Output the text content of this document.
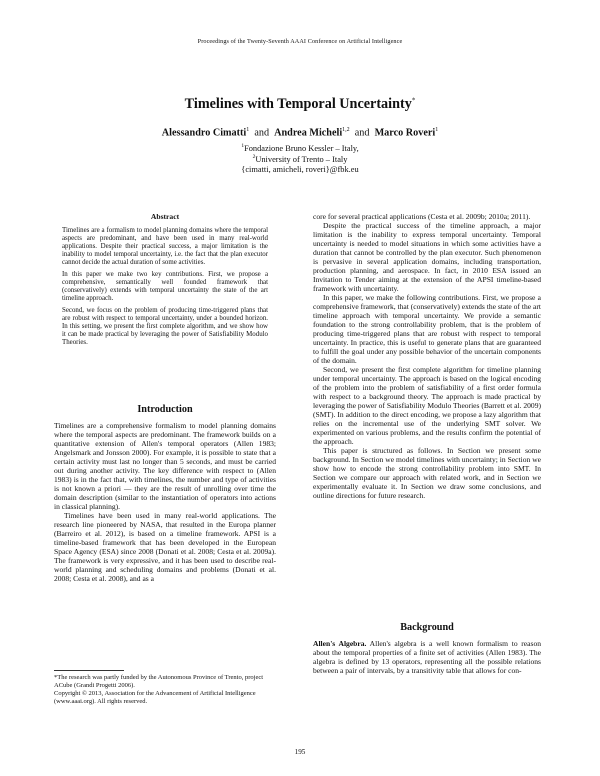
Proceedings of the Twenty-Seventh AAAI Conference on Artificial Intelligence
Timelines with Temporal Uncertainty*
Alessandro Cimatti$^1$ and Andrea Micheli$^{1,2}$ and Marco Roveri$^1$
$^1$Fondazione Bruno Kessler – Italy,
$^2$University of Trento – Italy
{cimatti, amicheli, roveri}@fbk.eu
Abstract

Timelines are a formalism to model planning domains where the temporal aspects are predominant, and have been used in many real-world applications. Despite their practical success, a major limitation is the inability to model temporal uncertainty, i.e. the fact that the plan executor cannot decide the actual duration of some activities.

In this paper we make two key contributions. First, we propose a comprehensive, semantically well founded framework that (conservatively) extends with temporal uncertainty the state of the art timeline approach.

Second, we focus on the problem of producing time-triggered plans that are robust with respect to temporal uncertainty, under a bounded horizon. In this setting, we present the first complete algorithm, and we show how it can be made practical by leveraging the power of Satisfiability Modulo Theories.

Introduction

Timelines are a comprehensive formalism to model planning domains where the temporal aspects are predominant. The framework builds on a quantitative extension of Allen's temporal operators (Allen 1983; Angelsmark and Jonsson 2000). For example, it is possible to state that a certain activity must last no longer than 5 seconds, and must be carried out during another activity. The key difference with respect to (Allen 1983) is in the fact that, with timelines, the number and type of activities is not known a priori — they are the result of unrolling over time the domain description (similar to the instantiation of operators into actions in classical planning).

Timelines have been used in many real-world applications. The research line pioneered by NASA, that resulted in the Europa planner (Barreiro et al. 2012), is based on a timeline framework. APSI is a timeline-based framework that has been developed in the European Space Agency (ESA) since 2008 (Donati et al. 2008; Cesta et al. 2009a). The framework is very expressive, and it has been used to describe real-world planning and scheduling domains and problems (Donati et al. 2008; Cesta et al. 2008), and as a

*The research was partly funded by the Autonomous Province of Trento, project ACube (Grandi Progetti 2006).
Copyright © 2013, Association for the Advancement of Artificial Intelligence (www.aaai.org). All rights reserved.

core for several practical applications (Cesta et al. 2009b; 2010a; 2011).

Despite the practical success of the timeline approach, a major limitation is the inability to express temporal uncertainty. Temporal uncertainty is needed to model situations in which some activities have a duration that cannot be controlled by the plan executor. Such phenomenon is pervasive in several application domains, including transportation, production planning, and aerospace. In fact, in 2010 ESA issued an Invitation to Tender aiming at the extension of the APSI timeline-based framework with uncertainty.

In this paper, we make the following contributions. First, we propose a comprehensive framework, that (conservatively) extends the state of the art timeline approach with temporal uncertainty. We provide a semantic foundation to the strong controllability problem, that is the problem of producing time-triggered plans that are robust with respect to temporal uncertainty. In practice, this is useful to generate plans that are guaranteed to fulfill the goal under any possible behavior of the uncertain components of the domain.

Second, we present the first complete algorithm for timeline planning under temporal uncertainty. The approach is based on the logical encoding of the problem into the problem of satisfiability of a first order formula with respect to a background theory. The approach is made practical by leveraging the power of Satisfiability Modulo Theories (Barrett et al. 2009) (SMT). In addition to the direct encoding, we propose a lazy algorithm that relies on the incremental use of the underlying SMT solver. We experimented on various problems, and the results confirm the potential of the approach.

This paper is structured as follows. In Section we present some background. In Section we model timelines with uncertainty; in Section we show how to encode the strong controllability problem into SMT. In Section we compare our approach with related work, and in Section we experimentally evaluate it. In Section we draw some conclusions, and outline directions for future research.

Background

Allen's Algebra. Allen's algebra is a well known formalism to reason about the temporal properties of a finite set of activities (Allen 1983). The algebra is defined by 13 operators, representing all the possible relations between a pair of intervals, by a transitivity table that allows for con-

195
